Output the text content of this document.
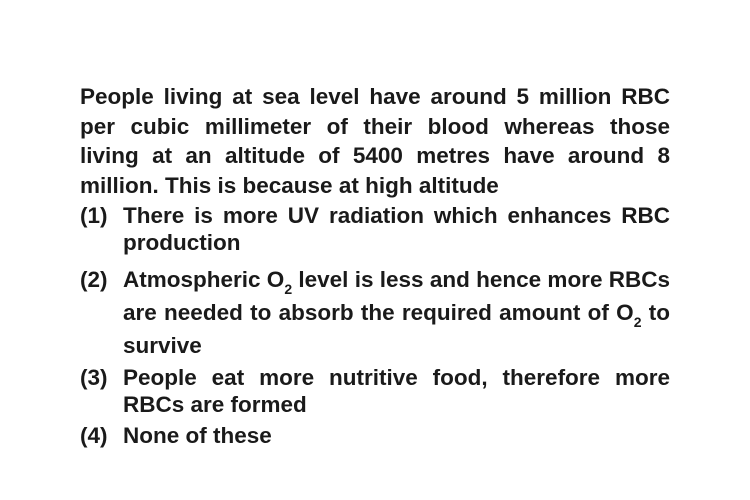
People living at sea level have around 5 million RBC per cubic millimeter of their blood whereas those living at an altitude of 5400 metres have around 8 million. This is because at high altitude

(1) There is more UV radiation which enhances RBC production
(2) Atmospheric $O_2$ level is less and hence more RBCs are needed to absorb the required amount of $O_2$ to survive
(3) People eat more nutritive food, therefore more RBCs are formed
(4) None of these
